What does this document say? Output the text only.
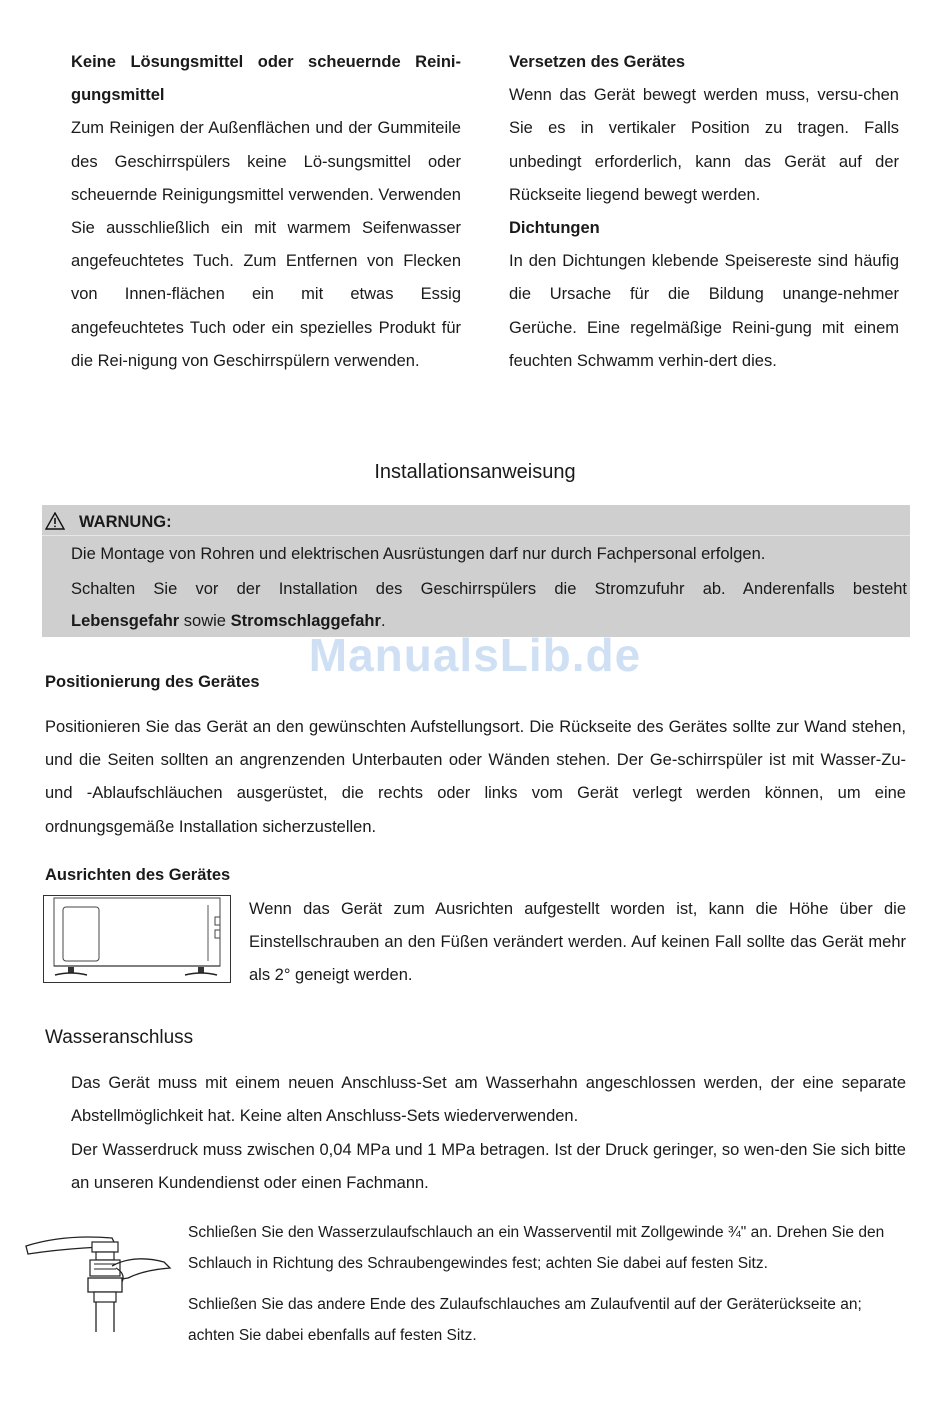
Keine Lösungsmittel oder scheuernde Reini-
gungsmittel
Zum Reinigen der Außenflächen und der Gummiteile des Geschirrspülers keine Lö-sungsmittel oder scheuernde Reinigungsmittel verwenden. Verwenden Sie ausschließlich ein mit warmem Seifenwasser angefeuchtetes Tuch. Zum Entfernen von Flecken von Innen-flächen ein mit etwas Essig angefeuchtetes Tuch oder ein spezielles Produkt für die Rei-nigung von Geschirrspülern verwenden.
Versetzen des Gerätes
Wenn das Gerät bewegt werden muss, versu-chen Sie es in vertikaler Position zu tragen. Falls unbedingt erforderlich, kann das Gerät auf der Rückseite liegend bewegt werden.
Dichtungen
In den Dichtungen klebende Speisereste sind häufig die Ursache für die Bildung unange-nehmer Gerüche. Eine regelmäßige Reini-gung mit einem feuchten Schwamm verhin-dert dies.
Installationsanweisung
WARNUNG:
Die Montage von Rohren und elektrischen Ausrüstungen darf nur durch Fachpersonal erfolgen.
Schalten Sie vor der Installation des Geschirrspülers die Stromzufuhr ab. Anderenfalls besteht
Lebensgefahr sowie Stromschlaggefahr.
ManualsLib.de
Positionierung des Gerätes
Positionieren Sie das Gerät an den gewünschten Aufstellungsort. Die Rückseite des Gerätes sollte zur Wand stehen, und die Seiten sollten an angrenzenden Unterbauten oder Wänden stehen. Der Ge-schirrspüler ist mit Wasser-Zu- und -Ablaufschläuchen ausgerüstet, die rechts oder links vom Gerät verlegt werden können, um eine ordnungsgemäße Installation sicherzustellen.
Ausrichten des Gerätes
Wenn das Gerät zum Ausrichten aufgestellt worden ist, kann die Höhe über die Einstellschrauben an den Füßen verändert werden. Auf keinen Fall sollte das Gerät mehr als 2° geneigt werden.
Wasseranschluss
Das Gerät muss mit einem neuen Anschluss-Set am Wasserhahn angeschlossen werden, der eine separate Abstellmöglichkeit hat. Keine alten Anschluss-Sets wiederverwenden.
Der Wasserdruck muss zwischen 0,04 MPa und 1 MPa betragen. Ist der Druck geringer, so wen-den Sie sich bitte an unseren Kundendienst oder einen Fachmann.
Schließen Sie den Wasserzulaufschlauch an ein Wasserventil mit Zollgewinde ¾" an. Drehen Sie den Schlauch in Richtung des Schraubengewindes fest; achten Sie dabei auf festen Sitz.
Schließen Sie das andere Ende des Zulaufschlauches am Zulaufventil auf der Geräterückseite an; achten Sie dabei ebenfalls auf festen Sitz.
